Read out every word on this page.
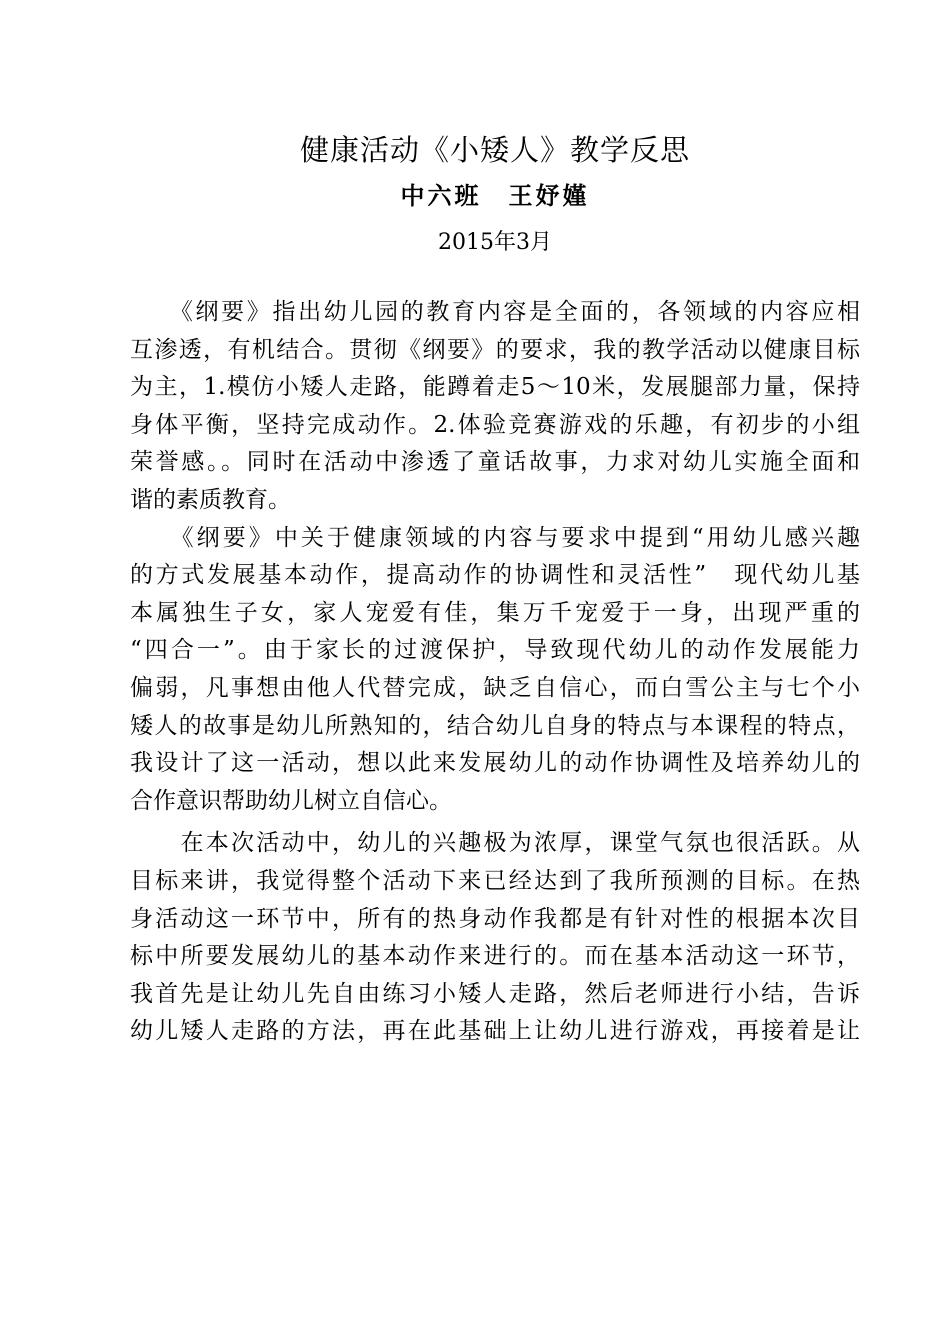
健康活动《小矮人》教学反思
中六班　王妤嫤
2015年3月
　　《纲要》指出幼儿园的教育内容是全面的，各领域的内容应相
互渗透，有机结合。贯彻《纲要》的要求，我的教学活动以健康目标
为主，1.模仿小矮人走路，能蹲着走5～10米，发展腿部力量，保持
身体平衡，坚持完成动作。2.体验竞赛游戏的乐趣，有初步的小组
荣誉感。。同时在活动中渗透了童话故事，力求对幼儿实施全面和
谐的素质教育。
　　《纲要》中关于健康领域的内容与要求中提到“用幼儿感兴趣
的方式发展基本动作，提高动作的协调性和灵活性”　现代幼儿基
本属独生子女，家人宠爱有佳，集万千宠爱于一身，出现严重的
“四合一”。由于家长的过渡保护，导致现代幼儿的动作发展能力
偏弱，凡事想由他人代替完成，缺乏自信心，而白雪公主与七个小
矮人的故事是幼儿所熟知的，结合幼儿自身的特点与本课程的特点，
我设计了这一活动，想以此来发展幼儿的动作协调性及培养幼儿的
合作意识帮助幼儿树立自信心。
　　在本次活动中，幼儿的兴趣极为浓厚，课堂气氛也很活跃。从
目标来讲，我觉得整个活动下来已经达到了我所预测的目标。在热
身活动这一环节中，所有的热身动作我都是有针对性的根据本次目
标中所要发展幼儿的基本动作来进行的。而在基本活动这一环节，
我首先是让幼儿先自由练习小矮人走路，然后老师进行小结，告诉
幼儿矮人走路的方法，再在此基础上让幼儿进行游戏，再接着是让
